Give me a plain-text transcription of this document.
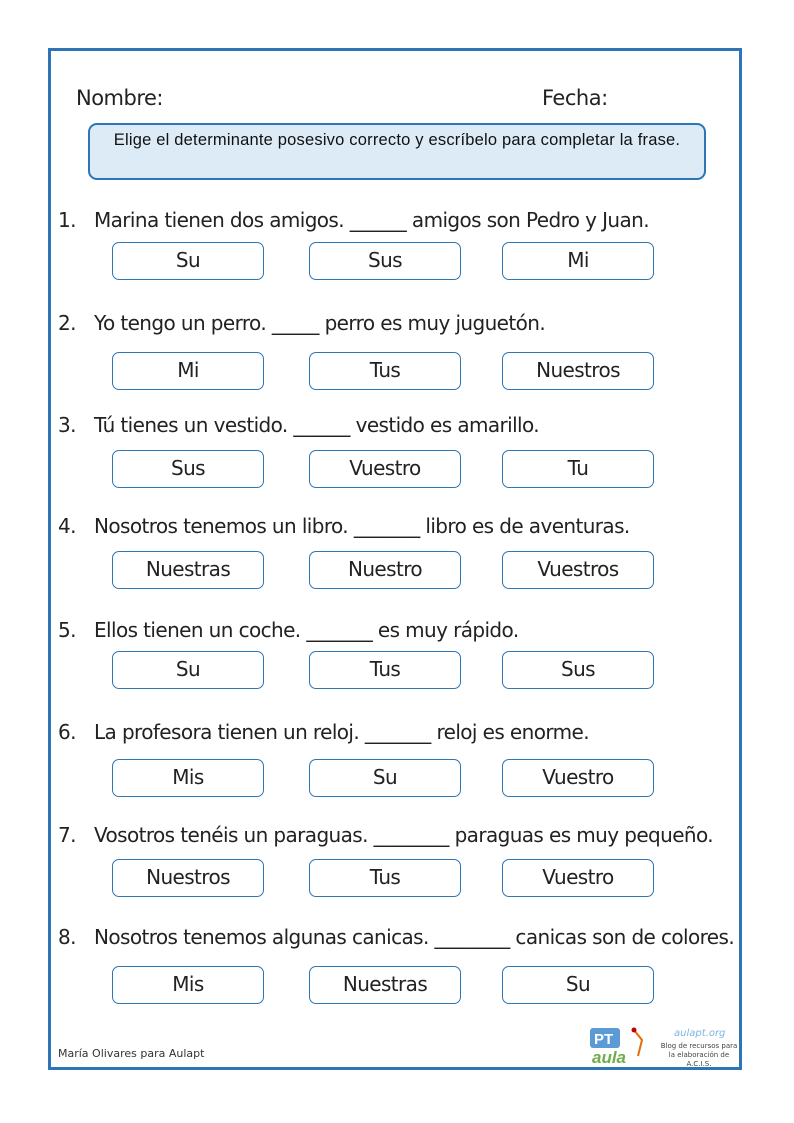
Nombre:	Fecha:
Elige el determinante posesivo correcto y escríbelo para completar la frase.
1. Marina tienen dos amigos. ______ amigos son Pedro y Juan.
Su	Sus	Mi
2. Yo tengo un perro. _____ perro es muy juguetón.
Mi	Tus	Nuestros
3. Tú tienes un vestido. ______ vestido es amarillo.
Sus	Vuestro	Tu
4. Nosotros tenemos un libro. _______ libro es de aventuras.
Nuestras	Nuestro	Vuestros
5. Ellos tienen un coche. _______ es muy rápido.
Su	Tus	Sus
6. La profesora tienen un reloj. _______ reloj es enorme.
Mis	Su	Vuestro
7. Vosotros tenéis un paraguas. ________ paraguas es muy pequeño.
Nuestros	Tus	Vuestro
8. Nosotros tenemos algunas canicas. ________ canicas son de colores.
Mis	Nuestras	Su
María Olivares para Aulapt
PT
aula
aulapt.org
Blog de recursos para la elaboración de A.C.I.S.
